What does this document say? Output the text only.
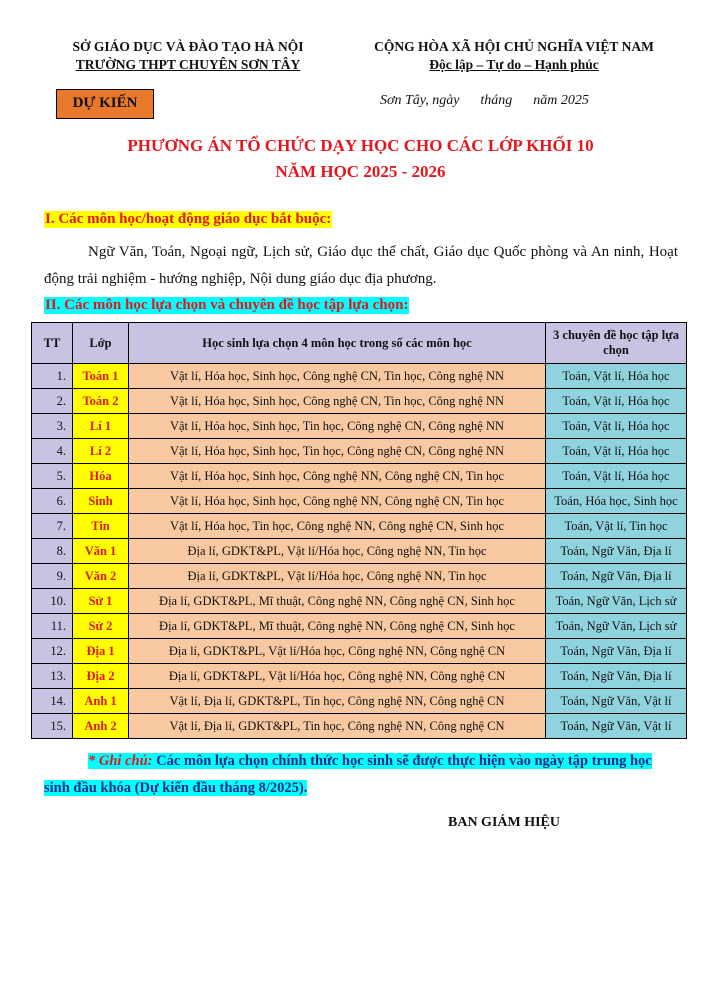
SỞ GIÁO DỤC VÀ ĐÀO TẠO HÀ NỘI
TRƯỜNG THPT CHUYÊN SƠN TÂY
CỘNG HÒA XÃ HỘI CHỦ NGHĨA VIỆT NAM
Độc lập – Tự do – Hạnh phúc
DỰ KIẾN	Sơn Tây, ngày      tháng      năm 2025
PHƯƠNG ÁN TỔ CHỨC DẠY HỌC CHO CÁC LỚP KHỐI 10
NĂM HỌC 2025 - 2026
I. Các môn học/hoạt động giáo dục bắt buộc:
Ngữ Văn, Toán, Ngoại ngữ, Lịch sử, Giáo dục thể chất, Giáo dục Quốc phòng và An ninh, Hoạt động trải nghiệm - hướng nghiệp, Nội dung giáo dục địa phương.
II. Các môn học lựa chọn và chuyên đề học tập lựa chọn:
TT	Lớp	Học sinh lựa chọn 4 môn học trong số các môn học	3 chuyên đề học tập lựa chọn
1.	Toán 1	Vật lí, Hóa học, Sinh học, Công nghệ CN, Tin học, Công nghệ NN	Toán, Vật lí, Hóa học
2.	Toán 2	Vật lí, Hóa học, Sinh học, Công nghệ CN, Tin học, Công nghệ NN	Toán, Vật lí, Hóa học
3.	Lí 1	Vật lí, Hóa học, Sinh học, Tin học, Công nghệ CN, Công nghệ NN	Toán, Vật lí, Hóa học
4.	Lí 2	Vật lí, Hóa học, Sinh học, Tin học, Công nghệ CN, Công nghệ NN	Toán, Vật lí, Hóa học
5.	Hóa	Vật lí, Hóa học, Sinh học, Công nghệ NN, Công nghệ CN, Tin học	Toán, Vật lí, Hóa học
6.	Sinh	Vật lí, Hóa học, Sinh học, Công nghệ NN, Công nghệ CN, Tin học	Toán, Hóa học, Sinh học
7.	Tin	Vật lí, Hóa học, Tin học, Công nghệ NN, Công nghệ CN, Sinh học	Toán, Vật lí, Tin học
8.	Văn 1	Địa lí, GDKT&PL, Vật lí/Hóa học, Công nghệ NN, Tin học	Toán, Ngữ Văn, Địa lí
9.	Văn 2	Địa lí, GDKT&PL, Vật lí/Hóa học, Công nghệ NN, Tin học	Toán, Ngữ Văn, Địa lí
10.	Sử 1	Địa lí, GDKT&PL, Mĩ thuật, Công nghệ NN, Công nghệ CN, Sinh học	Toán, Ngữ Văn, Lịch sử
11.	Sử 2	Địa lí, GDKT&PL, Mĩ thuật, Công nghệ NN, Công nghệ CN, Sinh học	Toán, Ngữ Văn, Lịch sử
12.	Địa 1	Địa lí, GDKT&PL, Vật lí/Hóa học, Công nghệ NN, Công nghệ CN	Toán, Ngữ Văn, Địa lí
13.	Địa 2	Địa lí, GDKT&PL, Vật lí/Hóa học, Công nghệ NN, Công nghệ CN	Toán, Ngữ Văn, Địa lí
14.	Anh 1	Vật lí, Địa lí, GDKT&PL, Tin học, Công nghệ NN, Công nghệ CN	Toán, Ngữ Văn, Vật lí
15.	Anh 2	Vật lí, Địa lí, GDKT&PL, Tin học, Công nghệ NN, Công nghệ CN	Toán, Ngữ Văn, Vật lí
* Ghi chú: Các môn lựa chọn chính thức học sinh sẽ được thực hiện vào ngày tập trung học sinh đầu khóa (Dự kiến đầu tháng 8/2025).
BAN GIÁM HIỆU
